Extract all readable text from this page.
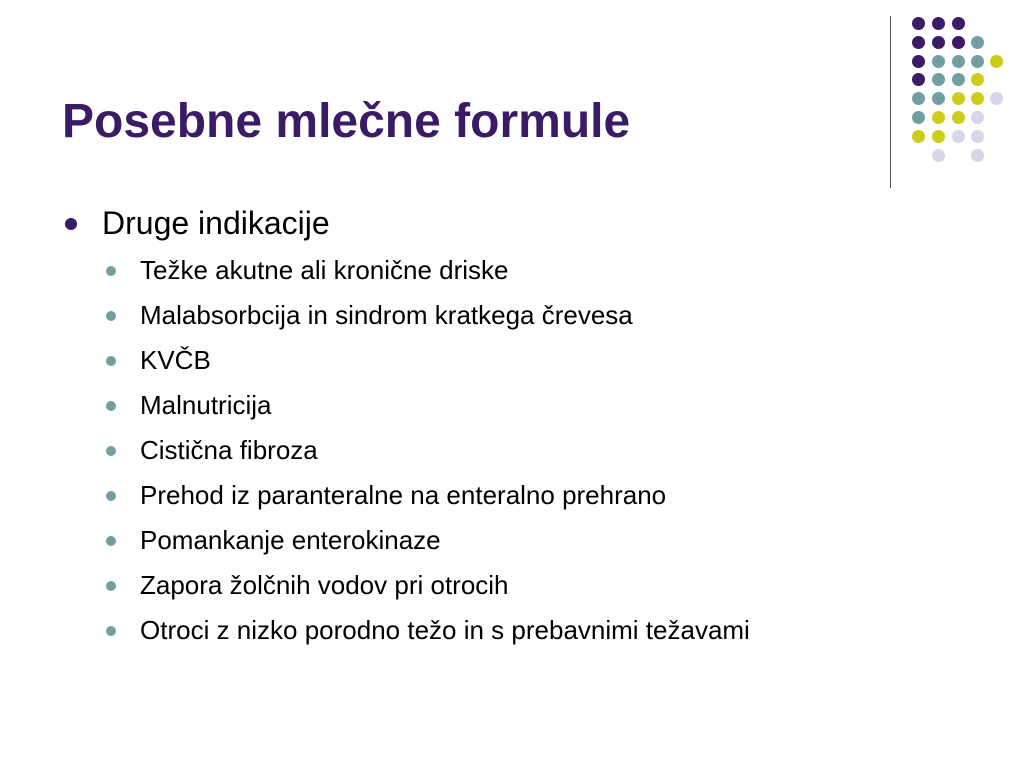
Posebne mlečne formule
Druge indikacije
Težke akutne ali kronične driske
Malabsorbcija in sindrom kratkega črevesa
KVČB
Malnutricija
Cistična fibroza
Prehod iz paranteralne na enteralno prehrano
Pomankanje enterokinaze
Zapora žolčnih vodov pri otrocih
Otroci z nizko porodno težo in s prebavnimi težavami
